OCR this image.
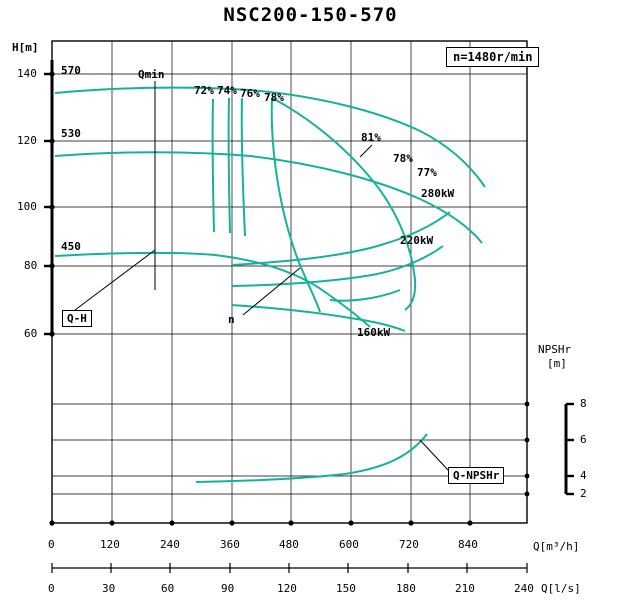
NSC200-150-570
n=1480r/min
H[m]
NPSHr
[m]
Q[m³/h]
Q[l/s]
140
120
100
80
60
8
6
4
2
0	120	240	360	480	600	720	840
0	30	60	90	120	150	180	210	240
570
530
450
Qmin
72% 74% 76% 78%
81%
78%
77%
280kW
220kW
160kW
Q-H	n
Q-NPSHr
